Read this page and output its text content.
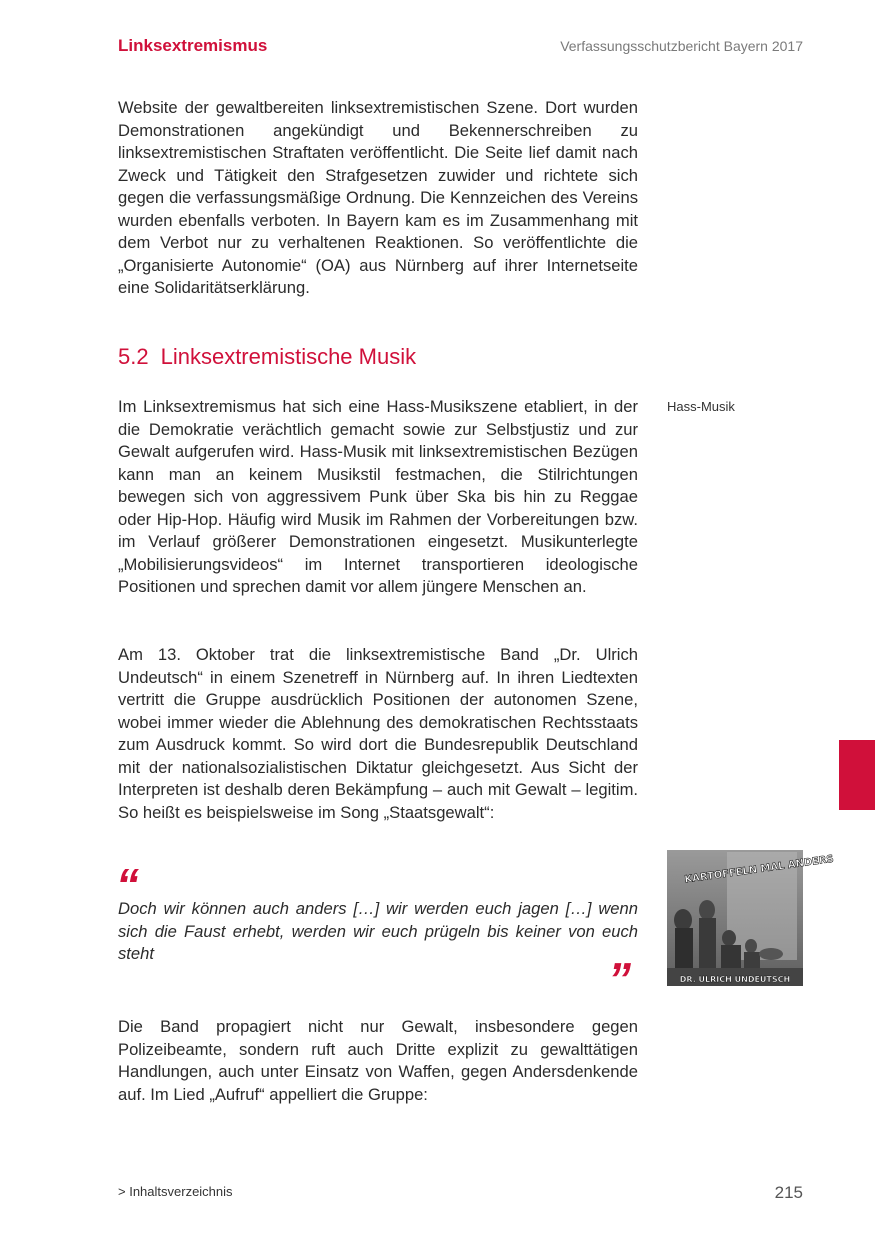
Linksextremismus	Verfassungsschutzbericht Bayern 2017

Website der gewaltbereiten linksextremistischen Szene. Dort wurden Demonstrationen angekündigt und Bekennerschreiben zu linksextremistischen Straftaten veröffentlicht. Die Seite lief damit nach Zweck und Tätigkeit den Strafgesetzen zuwider und richtete sich gegen die verfassungsmäßige Ordnung. Die Kennzeichen des Vereins wurden ebenfalls verboten. In Bayern kam es im Zusammenhang mit dem Verbot nur zu verhaltenen Reaktionen. So veröffentlichte die „Organisierte Autonomie“ (OA) aus Nürnberg auf ihrer Internetseite eine Solidaritätserklärung.

5.2 Linksextremistische Musik

Im Linksextremismus hat sich eine Hass-Musikszene etabliert, in der die Demokratie verächtlich gemacht sowie zur Selbstjustiz und zur Gewalt aufgerufen wird. Hass-Musik mit linksextremistischen Bezügen kann man an keinem Musikstil festmachen, die Stilrichtungen bewegen sich von aggressivem Punk über Ska bis hin zu Reggae oder Hip-Hop. Häufig wird Musik im Rahmen der Vorbereitungen bzw. im Verlauf größerer Demonstrationen eingesetzt. Musikunterlegte „Mobilisierungsvideos“ im Internet transportieren ideologische Positionen und sprechen damit vor allem jüngere Menschen an.

Hass-Musik

Am 13. Oktober trat die linksextremistische Band „Dr. Ulrich Undeutsch“ in einem Szenetreff in Nürnberg auf. In ihren Liedtexten vertritt die Gruppe ausdrücklich Positionen der autonomen Szene, wobei immer wieder die Ablehnung des demokratischen Rechtsstaats zum Ausdruck kommt. So wird dort die Bundesrepublik Deutschland mit der nationalsozialistischen Diktatur gleichgesetzt. Aus Sicht der Interpreten ist deshalb deren Bekämpfung – auch mit Gewalt – legitim. So heißt es beispielsweise im Song „Staatsgewalt“:

“

Doch wir können auch anders […] wir werden euch jagen […] wenn sich die Faust erhebt, werden wir euch prügeln bis keiner von euch steht	”
KARTOFFELN MAL ANDERS
DR. ULRICH UNDEUTSCH

Die Band propagiert nicht nur Gewalt, insbesondere gegen Polizeibeamte, sondern ruft auch Dritte explizit zu gewalttätigen Handlungen, auch unter Einsatz von Waffen, gegen Andersdenkende auf. Im Lied „Aufruf“ appelliert die Gruppe:

> Inhaltsverzeichnis	215
